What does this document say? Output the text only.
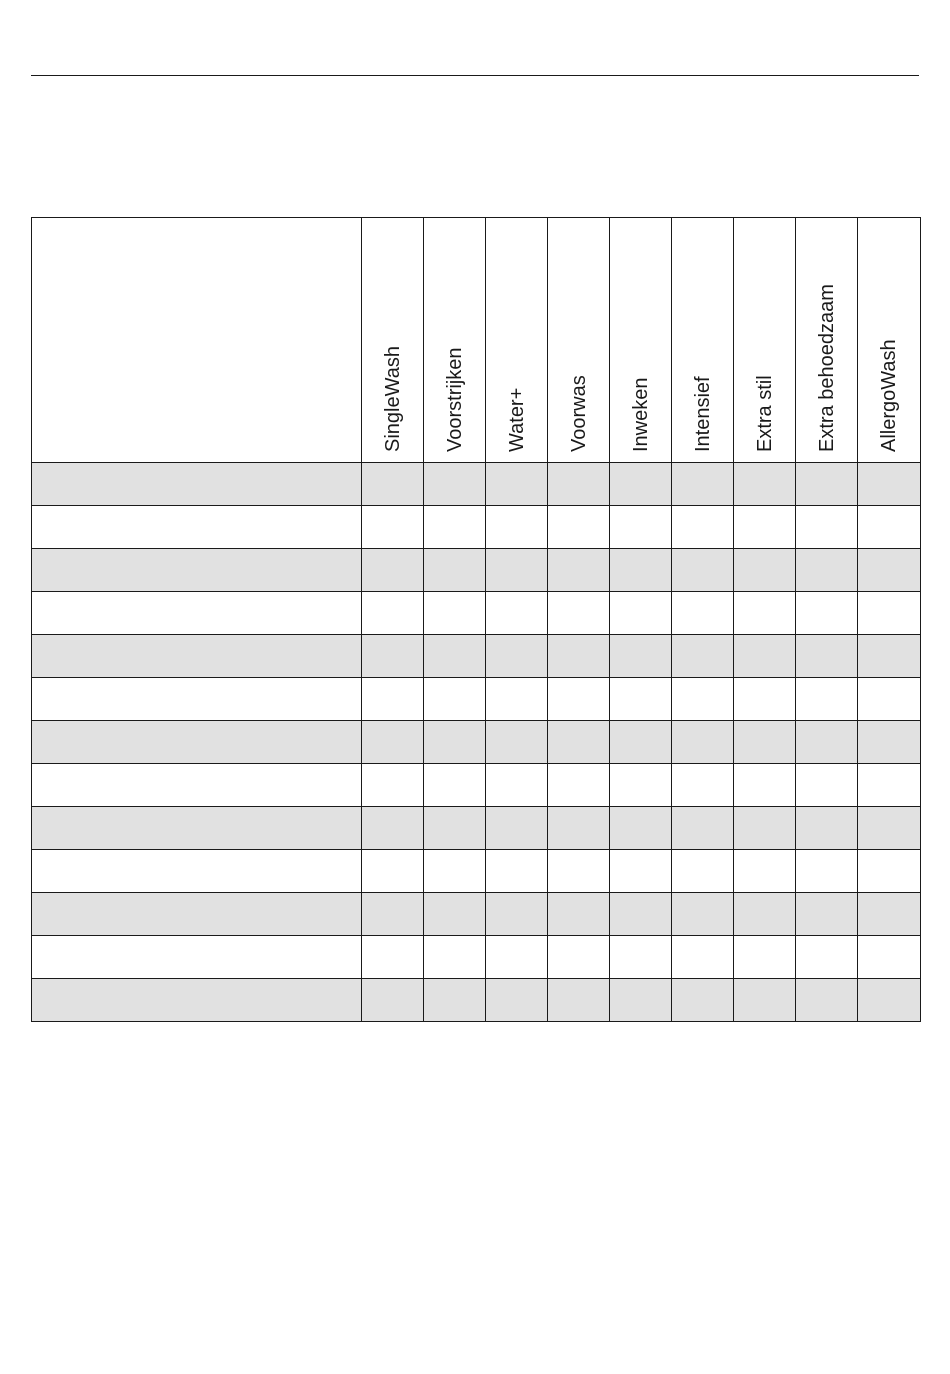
	SingleWash	Voorstrijken	Water+	Voorwas	Inweken	Intensief	Extra stil	Extra behoedzaam	AllergoWash
